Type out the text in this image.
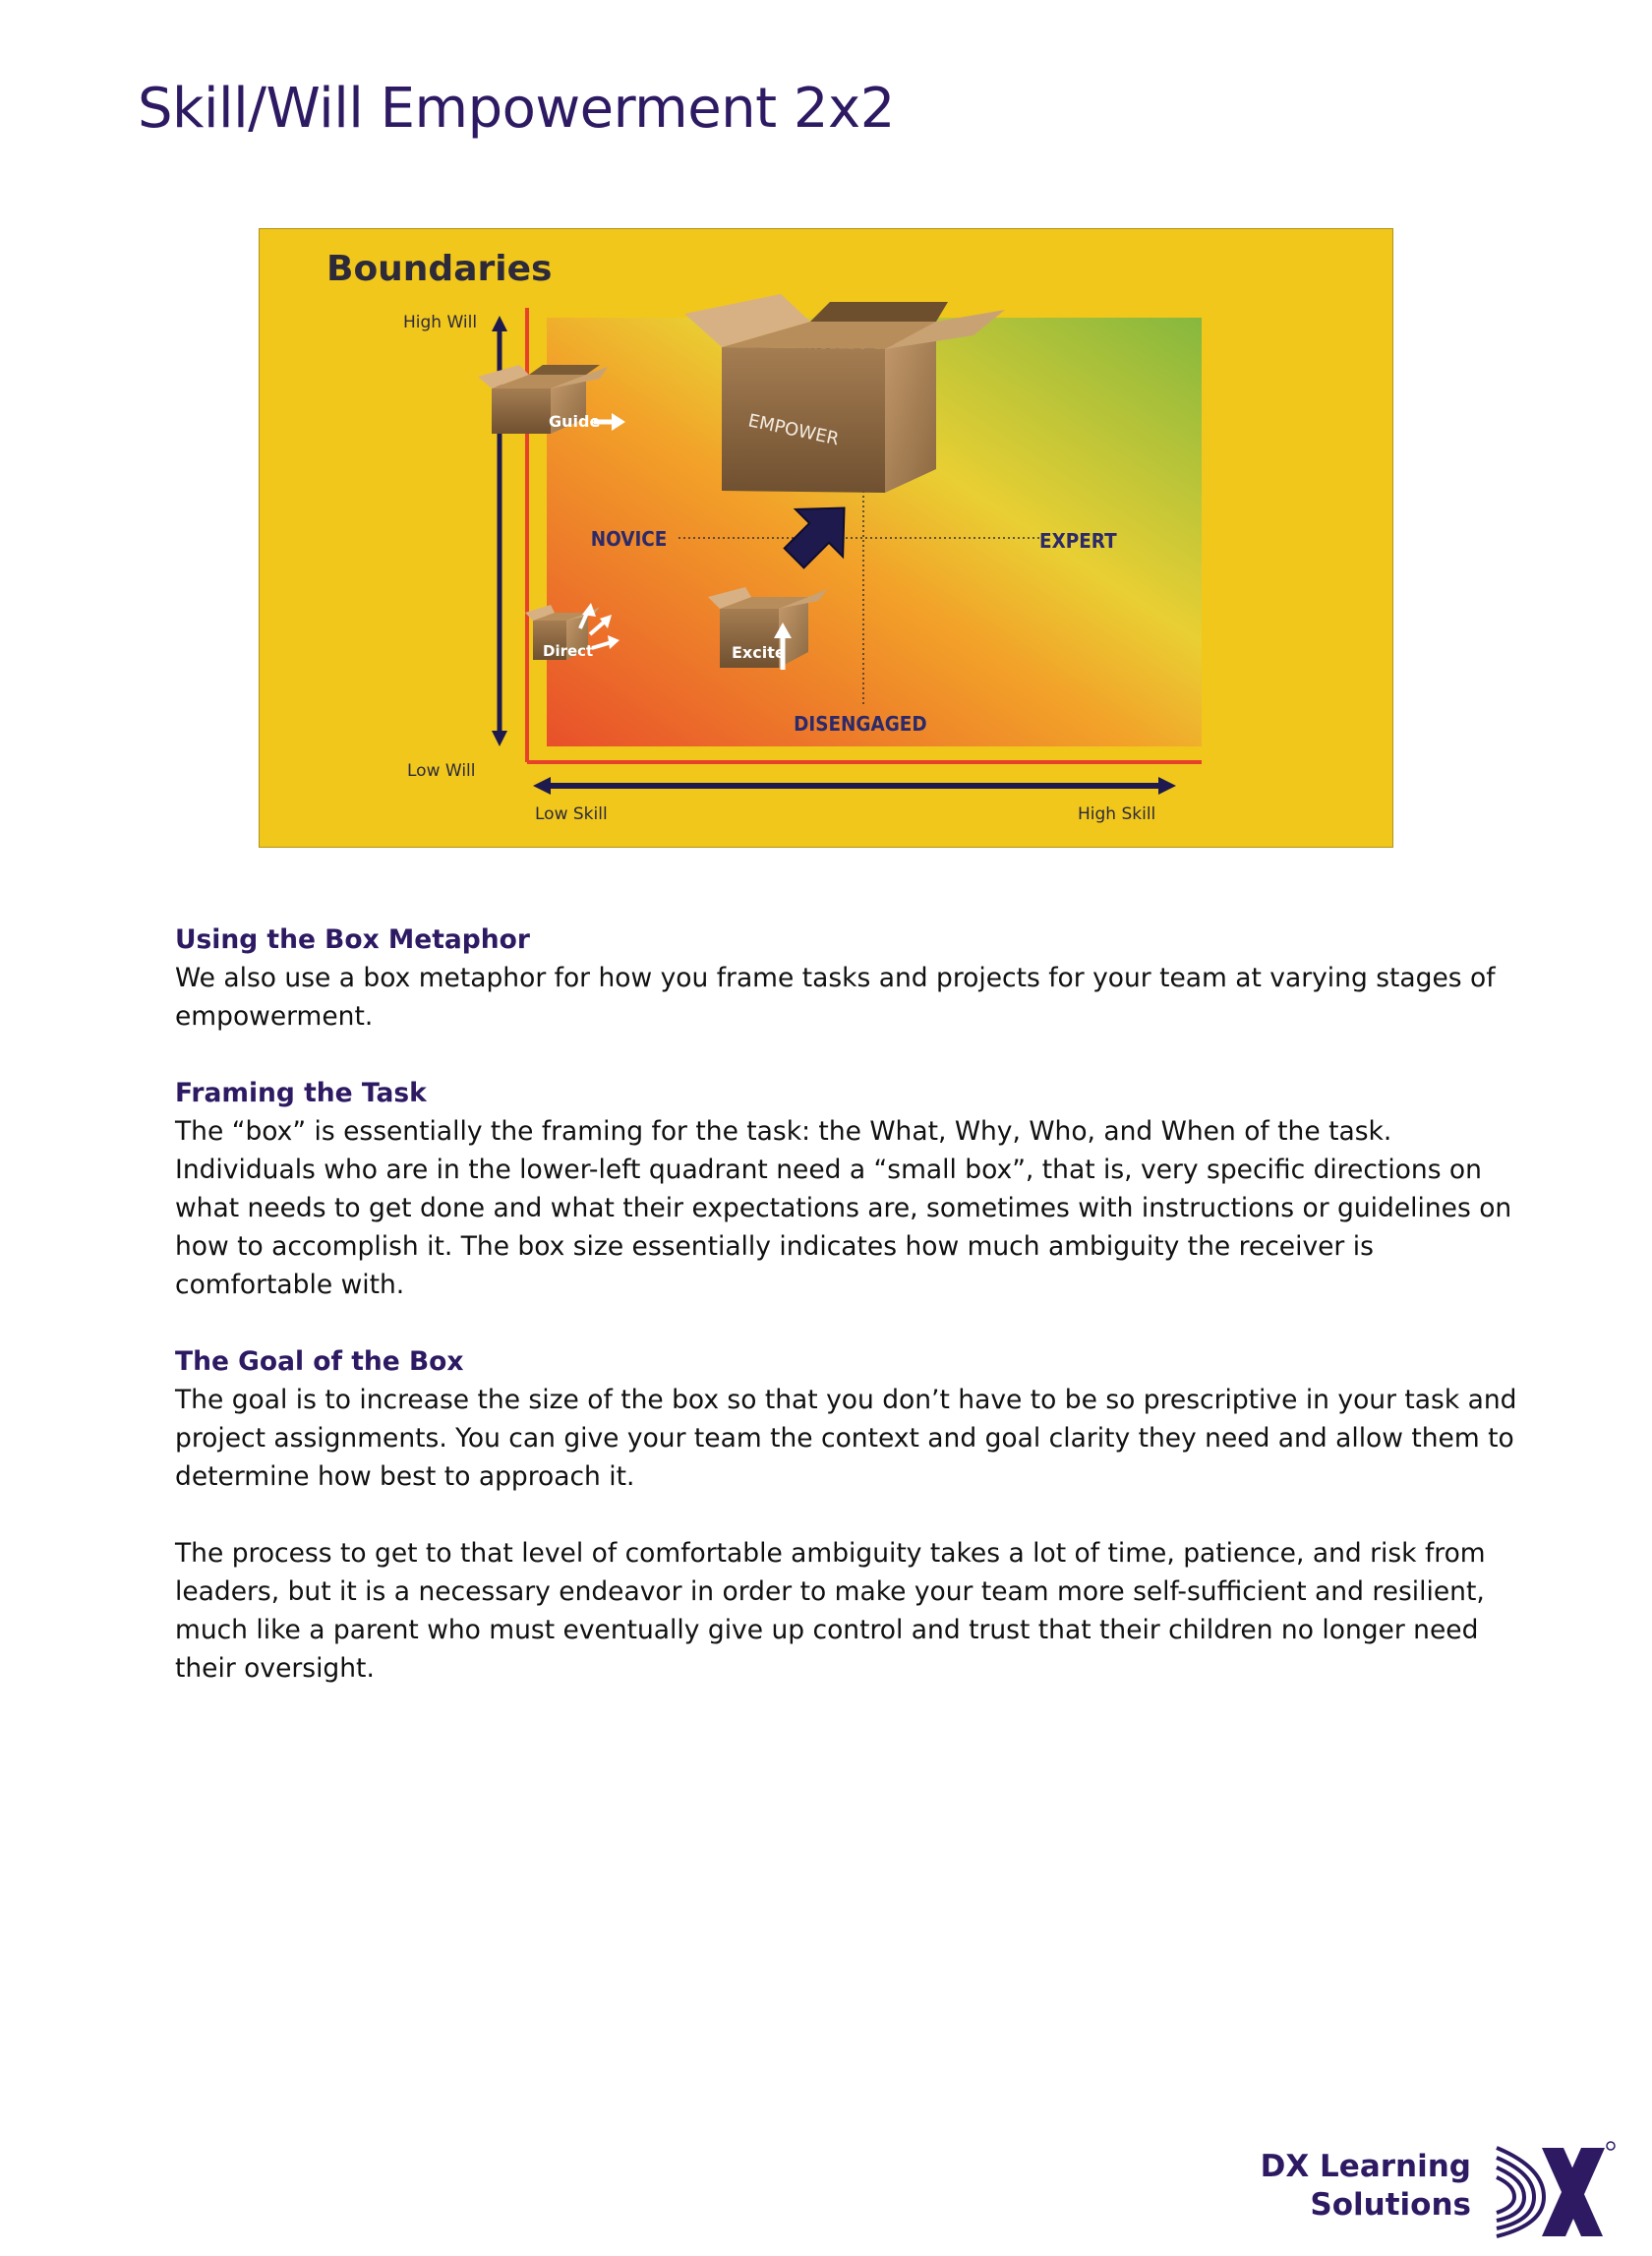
Skill/Will Empowerment 2x2
Boundaries
High Will
Low Will
Low Skill	High Skill
DISENGAGED
NOVICE	EXPERT
Guide	EMPOWER
Direct	Excite
Using the Box Metaphor

We also use a box metaphor for how you frame tasks and projects for your team at varying stages of empowerment.

Framing the Task

The “box” is essentially the framing for the task: the What, Why, Who, and When of the task. Individuals who are in the lower-left quadrant need a “small box”, that is, very specific directions on what needs to get done and what their expectations are, sometimes with instructions or guidelines on how to accomplish it. The box size essentially indicates how much ambiguity the receiver is comfortable with.

The Goal of the Box

The goal is to increase the size of the box so that you don’t have to be so prescriptive in your task and project assignments. You can give your team the context and goal clarity they need and allow them to determine how best to approach it.

The process to get to that level of comfortable ambiguity takes a lot of time, patience, and risk from leaders, but it is a necessary endeavor in order to make your team more self-sufficient and resilient, much like a parent who must eventually give up control and trust that their children no longer need their oversight.

DX Learning
Solutions
